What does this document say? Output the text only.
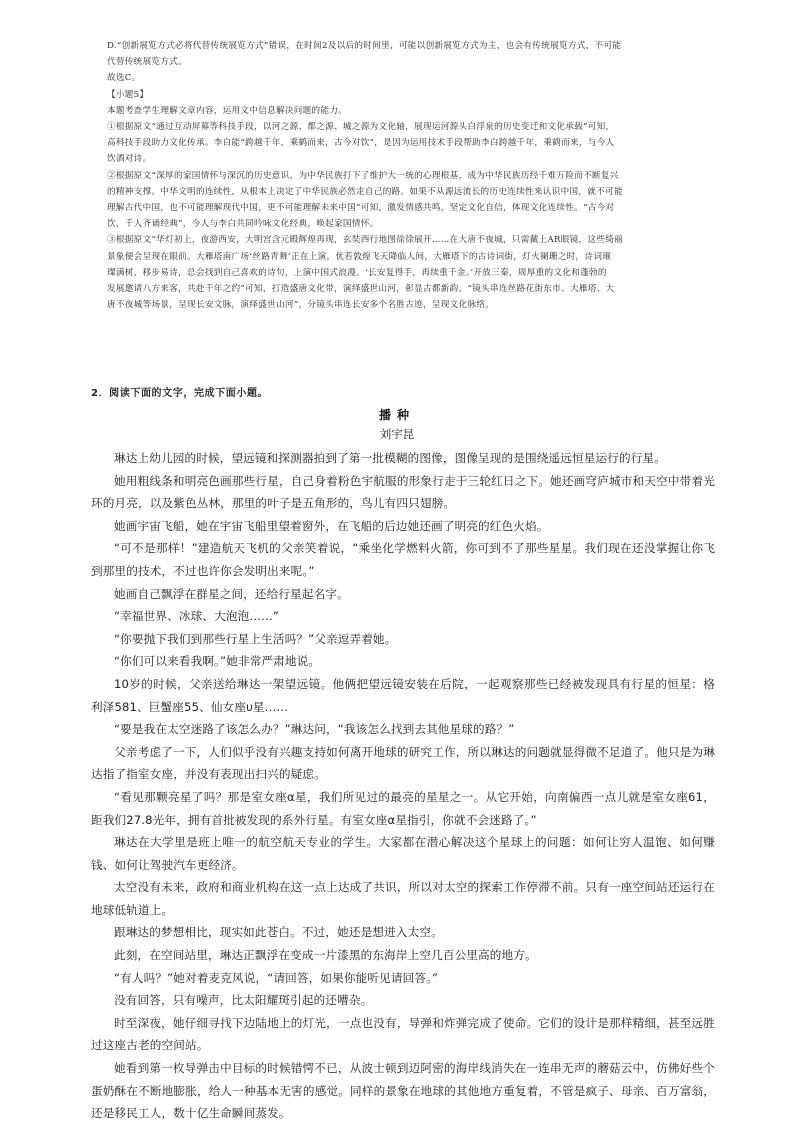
D.“创新展览方式必将代替传统展览方式”错误，在时间2及以后的时间里，可能以创新展览方式为主，也会有传统展览方式，不可能

代替传统展览方式。

故选C。

【小题5】

本题考查学生理解文章内容，运用文中信息解决问题的能力。

①根据原文“通过互动屏幕等科技手段，以河之源、都之源、城之源为文化轴，展现运河源头白浮泉的历史变迁和文化承载”可知，

高科技手段助力文化传承。李白能“跨越千年，乘鹤而来，古今对饮”，是因为运用技术手段帮助李白跨越千年，乘鹤而来，与今人

饮酒对诗。

②根据原文“深厚的家国情怀与深沉的历史意识，为中华民族打下了维护大一统的心理根基，成为中华民族历经千难万险而不断复兴

的精神支撑。中华文明的连续性，从根本上决定了中华民族必然走自己的路。如果不从源远流长的历史连续性来认识中国，就不可能

理解古代中国，也不可能理解现代中国，更不可能理解未来中国”可知，激发情感共鸣，坚定文化自信，体现文化连续性。“古今对

饮，千人齐诵经典”，今人与李白共同吟咏文化经典，唤起家国情怀。

③根据原文“华灯初上，夜游西安，大明宫含元殿辉煌再现，玄奘西行地图徐徐展开……在大唐不夜城，只需戴上AR眼镜，这些绮丽

景象便会呈现在眼前。大雁塔南广场‘丝路青舞’正在上演，优若敦煌飞天降临人间，大雁塔下的古诗词街，灯火阑珊之时，诗词璀

璨满树，移步易诗，总会找到自己喜欢的诗句，上演中国式浪漫。‘长安复得手，再续重千金。’开放三秦，周厚重的文化和蓬勃的

发展邀请八方来客，共赴千年之约”可知，打造盛唐文化带，演绎盛世山河，彰显古都新韵。“镜头串连丝路花街东市、大雁塔、大

唐不夜城等场景，呈现长安文脉，演绎盛世山河”，分镜头串连长安多个名胜古迹，呈现文化脉络。

2．阅读下面的文字，完成下面小题。
播种
刘宇昆

琳达上幼儿园的时候，望远镜和探测器拍到了第一批模糊的图像，图像呈现的是围绕遥远恒星运行的行星。

她用粗线条和明亮色画那些行星，自己身着粉色宇航服的形象行走于三轮红日之下。她还画穹庐城市和天空中带着光环的月亮，以及紫色丛林，那里的叶子是五角形的，鸟儿有四只翅膀。

她画宇宙飞船，她在宇宙飞船里望着窗外，在飞船的后边她还画了明亮的红色火焰。

“可不是那样！”建造航天飞机的父亲笑着说，“乘坐化学燃料火箭，你可到不了那些星星。我们现在还没掌握让你飞到那里的技术，不过也许你会发明出来呢。”

她画自己飘浮在群星之间，还给行星起名字。

“幸福世界、冰球、大泡泡……”

“你要抛下我们到那些行星上生活吗？”父亲逗弄着她。

“你们可以来看我啊。”她非常严肃地说。

10岁的时候，父亲送给琳达一架望远镜。他俩把望远镜安装在后院，一起观察那些已经被发现具有行星的恒星：格利泽581、巨蟹座55、仙女座υ星……

“要是我在太空迷路了该怎么办？”琳达问，“我该怎么找到去其他星球的路？”

父亲考虑了一下，人们似乎没有兴趣支持如何离开地球的研究工作，所以琳达的问题就显得微不足道了。他只是为琳达指了指室女座，并没有表现出扫兴的疑虑。

“看见那颗亮星了吗？那是室女座α星，我们所见过的最亮的星星之一。从它开始，向南偏西一点儿就是室女座61，距我们27.8光年，拥有首批被发现的系外行星。有室女座α星指引，你就不会迷路了。”

琳达在大学里是班上唯一的航空航天专业的学生。大家都在潜心解决这个星球上的问题：如何让穷人温饱、如何赚钱、如何让驾驶汽车更经济。

太空没有未来，政府和商业机构在这一点上达成了共识，所以对太空的探索工作停滞不前。只有一座空间站还运行在地球低轨道上。

跟琳达的梦想相比，现实如此苍白。不过，她还是想进入太空。

此刻，在空间站里，琳达正飘浮在变成一片漆黑的东海岸上空几百公里高的地方。

“有人吗？”她对着麦克风说，“请回答，如果你能听见请回答。”

没有回答，只有噪声，比太阳耀斑引起的还嘈杂。

时至深夜，她仔细寻找下边陆地上的灯光，一点也没有，导弹和炸弹完成了使命。它们的设计是那样精细，甚至远胜过这座古老的空间站。

她看到第一枚导弹击中目标的时候错愕不已，从波士顿到迈阿密的海岸线消失在一连串无声的蘑菇云中，仿佛好些个蛋奶酥在不断地膨胀，给人一种基本无害的感觉。同样的景象在地球的其他地方重复着，不管是疯子、母亲、百万富翁，还是移民工人，数十亿生命瞬间蒸发。
